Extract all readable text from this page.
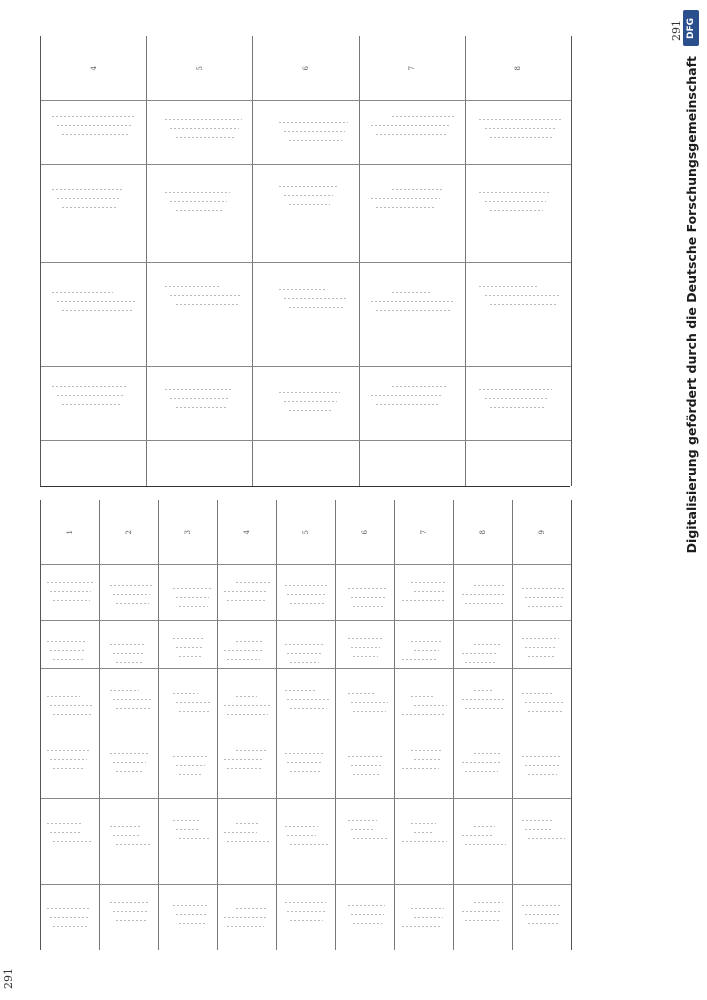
291
291 DFG
Digitalisierung gefördert durch die Deutsche Forschungsgemeinschaft
4	5	6	7	8
1	2	3	4	5	6	7	8	9
